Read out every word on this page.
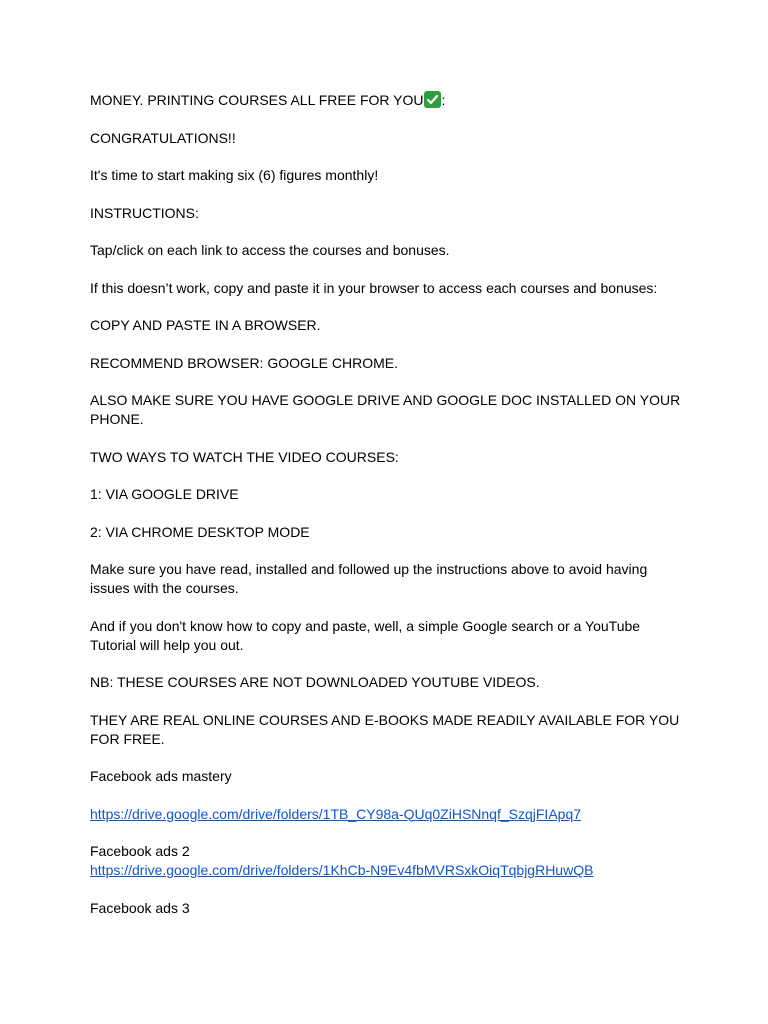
MONEY. PRINTING COURSES ALL FREE FOR YOU :

CONGRATULATIONS!!

It's time to start making six (6) figures monthly!

INSTRUCTIONS:

Tap/click on each link to access the courses and bonuses.

If this doesn’t work, copy and paste it in your browser to access each courses and bonuses:

COPY AND PASTE IN A BROWSER.

RECOMMEND BROWSER: GOOGLE CHROME.

ALSO MAKE SURE YOU HAVE GOOGLE DRIVE AND GOOGLE DOC INSTALLED ON YOUR PHONE.

TWO WAYS TO WATCH THE VIDEO COURSES:

1: VIA GOOGLE DRIVE

2: VIA CHROME DESKTOP MODE

Make sure you have read, installed and followed up the instructions above to avoid having issues with the courses.

And if you don't know how to copy and paste, well, a simple Google search or a YouTube Tutorial will help you out.

NB: THESE COURSES ARE NOT DOWNLOADED YOUTUBE VIDEOS.

THEY ARE REAL ONLINE COURSES AND E-BOOKS MADE READILY AVAILABLE FOR YOU FOR FREE.

Facebook ads mastery

https://drive.google.com/drive/folders/1TB_CY98a-QUq0ZiHSNnqf_SzqjFIApq7

Facebook ads 2

https://drive.google.com/drive/folders/1KhCb-N9Ev4fbMVRSxkOiqTqbjgRHuwQB

Facebook ads 3
